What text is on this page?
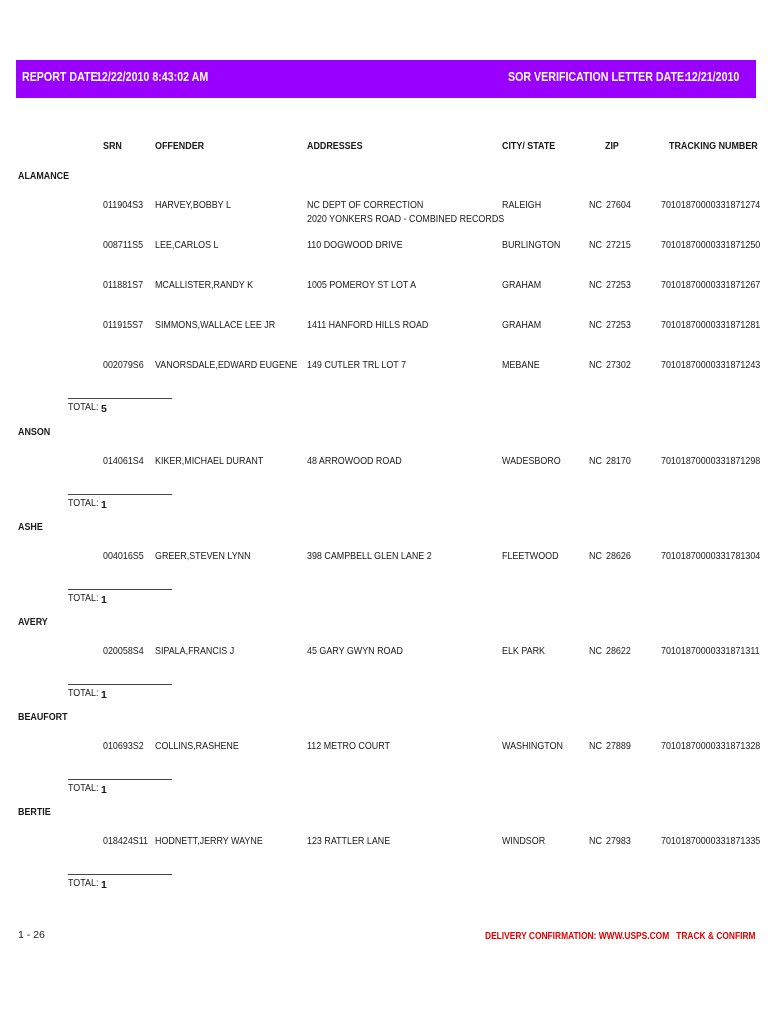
REPORT DATE:
12/22/2010 8:43:02 AM	SOR VERIFICATION LETTER DATE:
12/21/2010
SRN	OFFENDER	ADDRESSES	CITY/ STATE	ZIP	TRACKING NUMBER
ALAMANCE
011904S3 HARVEY,BOBBY L	NC DEPT OF CORRECTION
2020 YONKERS ROAD - COMBINED RECORDS
RALEIGH	NC 27604	70101870000331871274
008711S5 LEE,CARLOS L	110 DOGWOOD DRIVE	BURLINGTON	NC 27215	70101870000331871250
011881S7 MCALLISTER,RANDY K	1005 POMEROY ST LOT A	GRAHAM	NC 27253	70101870000331871267
011915S7 SIMMONS,WALLACE LEE JR	1411 HANFORD HILLS ROAD	GRAHAM	NC 27253	70101870000331871281
002079S6 VANORSDALE,EDWARD EUGENE 149 CUTLER TRL LOT 7	MEBANE	NC 27302	70101870000331871243
TOTAL: 5
ANSON
014061S4 KIKER,MICHAEL DURANT	48 ARROWOOD ROAD	WADESBORO	NC 28170	70101870000331871298
TOTAL: 1
ASHE
004016S5 GREER,STEVEN LYNN	398 CAMPBELL GLEN LANE 2	FLEETWOOD	NC 28626	70101870000331781304
TOTAL: 1
AVERY
020058S4 SIPALA,FRANCIS J	45 GARY GWYN ROAD	ELK PARK	NC 28622	70101870000331871311
TOTAL: 1
BEAUFORT
010693S2 COLLINS,RASHENE	112 METRO COURT	WASHINGTON NC 27889	70101870000331871328
TOTAL: 1
BERTIE
018424S11 HODNETT,JERRY WAYNE	123 RATTLER LANE	WINDSOR	NC 27983	70101870000331871335
TOTAL: 1
1 - 26	DELIVERY CONFIRMATION: WWW.USPS.COM TRACK & CONFIRM
